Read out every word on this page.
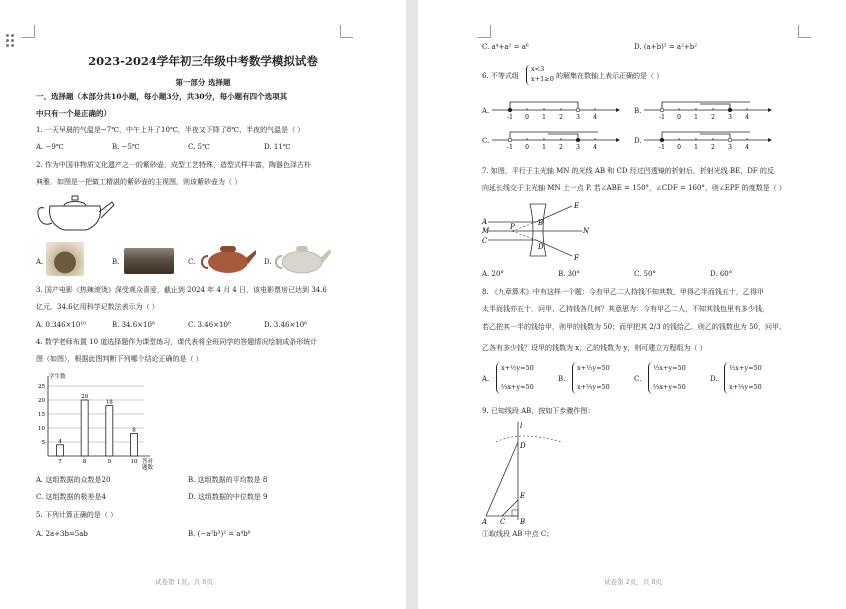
2023-2024学年初三年级中考数学模拟试卷
第一部分 选择题
一、选择题（本部分共10小题，每小题3分，共30分，每小题有四个选项其
中只有一个是正确的）
1. 一天早晨的气温是−7℃，中午上升了10℃，半夜又下降了8℃，半夜的气温是（ ）
A. −9℃	B. −5℃	C. 5℃	D. 11℃
2. 作为中国非物质文化遗产之一的紫砂壶，成型工艺特殊，造型式样丰富，陶器色泽古朴
典雅．如图是一把做工精湛的紫砂壶的主视图，则该紫砂壶为（ ）
A.	B.	C.	D.
3. 国产电影《热辣滚烫》深受观众喜爱，截止到 2024 年 4 月 4 日，该电影票房已达到 34.6
亿元，34.6亿用科学记数法表示为（ ）
A. 0.346×10¹⁰	B. 34.6×10⁸	C. 3.46×10⁹	D. 3.46×10⁸
4. 数学老师布置 10 道选择题作为课堂练习，课代表将全班同学的答题情况绘制成条形统计
图（如图），根据此图判断下列哪个结论正确的是（ ）
5
10
15
20
25
学生数
4
7
20
8
18
9
8
10 答对题数
A. 这组数据的众数是20	B. 这组数据的平均数是 8
C. 这组数据的极差是4	D. 这组数据的中位数是 9
5. 下列计算正确的是（ ）
A. 2a+3b=5ab	B. (−a²b³)² = a⁴b⁶
试卷第 1页，共 8页
C. a⁴+a² = a⁶	D. (a+b)² = a²+b²
6. 不等式组
x<3
x+1≥0 的解集在数轴上表示正确的是（ ）
A.
-1 0 1 2 3 4
B.
-1 0 1 2 3 4
C.
-1 0 1 2 3 4
D.
-1 0 1 2 3 4
7. 如图，平行于主光轴 MN 的光线 AB 和 CD 经过凹透镜的折射后，折射光线 BE，DF 的反
向延长线交于主光轴 MN 上一点 P. 若∠ABE = 150°，∠CDF = 160°，则∠EPF 的度数是（ ）
A
M
C
P	B
D
E
N
F
A. 20°	B. 30°	C. 50°	D. 60°
8. 《九章算术》中有这样一个题：今有甲乙二人持钱不知其数，甲得乙半而钱五十，乙得甲
太半而钱亦五十．问甲、乙持钱各几何？其意思为：今有甲乙二人，不知其钱包里有多少钱，
若乙把其一半的钱给甲，则甲的钱数为 50；而甲把其 2/3 的钱给乙，则乙的钱数也为 50，问甲、
乙各有多少钱？设甲的钱数为 x，乙的钱数为 y，则可建立方程组为（ ）
A.
x+½y=50
⅔x+y=50
B.
x+½y=50
x+⅔y=50
C.
½x+y=50
⅔x+y=50
D.
½x+y=50
x+⅔y=50
9. 已知线段 AB，按如下步骤作图：
l
D
E
A C B
①取线段 AB 中点 C；
试卷第 2页，共 8页
